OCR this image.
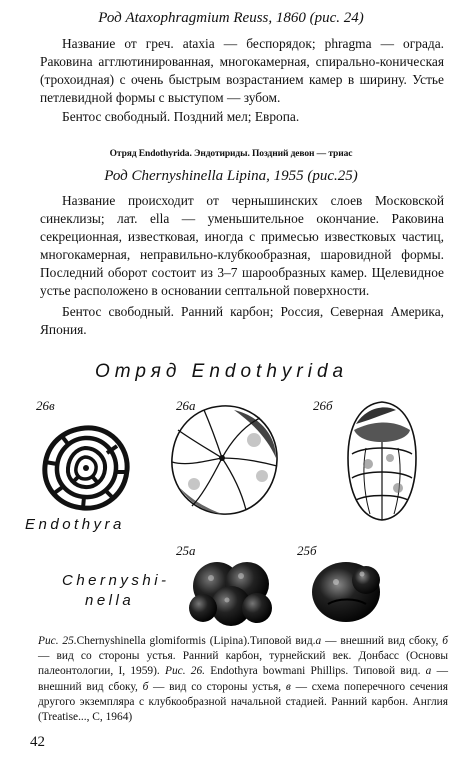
Род Ataxophragmium Reuss, 1860 (рис. 24)

Название от греч. ataxia — беспорядок; phragma — ограда. Раковина агглютинированная, многокамерная, спирально-коническая (трохоидная) с очень быстрым возрастанием камер в ширину. Устье петлевидной формы с выступом — зубом.

Бентос свободный. Поздний мел; Европа.

Отряд Endothyrida. Эндотириды. Поздний девон — триас
Род Chernyshinella Lipina, 1955 (рис.25)

Название происходит от чернышинских слоев Московской синеклизы; лат. ella — уменьшительное окончание. Раковина секреционная, известковая, иногда с примесью известковых частиц, многокамерная, неправильно-клубкообразная, шаровидной формы. Последний оборот состоит из 3–7 шарообразных камер. Щелевидное устье расположено в основании септальной поверхности.

Бентос свободный. Ранний карбон; Россия, Северная Америка, Япония.

Отряд Endothyrida
26в	26а	26б
25а	25б
Endothyra
Chernyshi-
nella

Рис. 25.Chernyshinella glomiformis (Lipina).Типовой вид.а — внешний вид сбоку, б — вид со стороны устья. Ранний карбон, турнейский век. Донбасс (Основы палеонтологии, I, 1959). Рис. 26. Endothyra bowmani Phillips. Типовой вид. а — внешний вид сбоку, б — вид со стороны устья, в — схема поперечного сечения другого экземпляра с клубкообразной начальной стадией. Ранний карбон. Англия (Treatise..., С, 1964)

42
